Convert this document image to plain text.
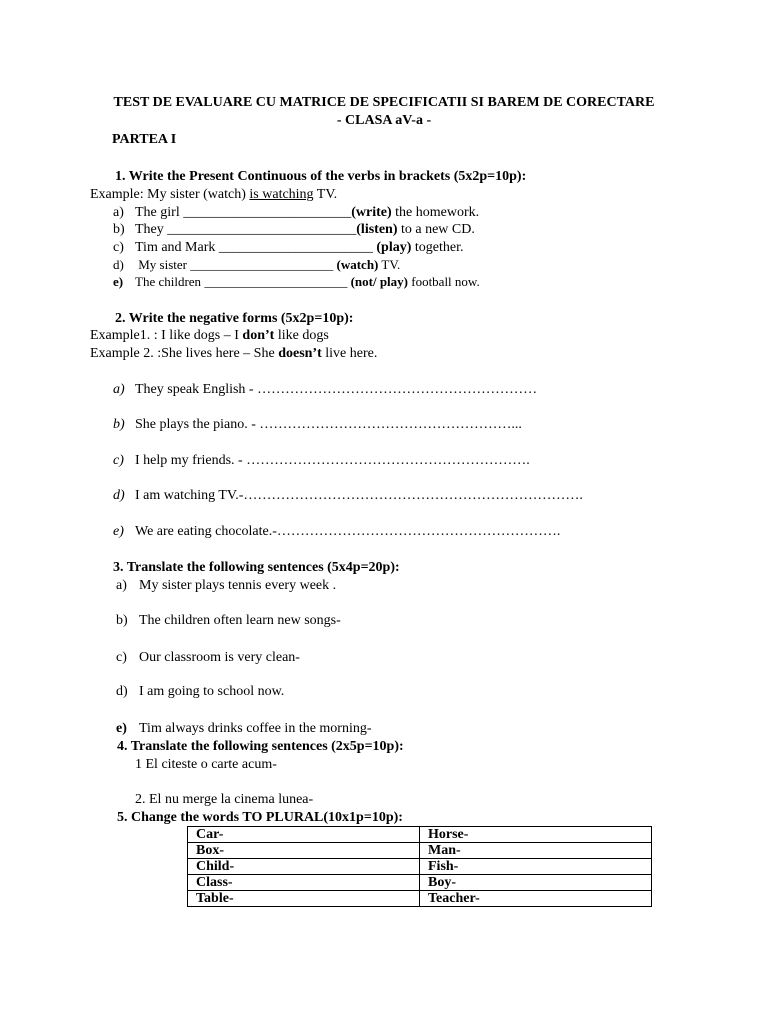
TEST DE EVALUARE CU MATRICE DE SPECIFICATII SI BAREM DE CORECTARE
- CLASA aV-a -
PARTEA I
1. Write the Present Continuous of the verbs in brackets (5x2p=10p):
Example: My sister (watch) is watching TV.
a) The girl ________________________(write) the homework.
b) They ___________________________(listen) to a new CD.
c) Tim and Mark ______________________ (play) together.
d) My sister ______________________ (watch) TV.
e) The children ______________________ (not/ play) football now.
2. Write the negative forms (5x2p=10p):
Example1. : I like dogs – I don’t like dogs
Example 2. :She lives here – She doesn’t live here.
a) They speak English - ……………………………………………………
b) She plays the piano. - ………………………………………………...
c) I help my friends. - …………………………………………………….
d) I am watching TV.-……………………………………………………………….
e) We are eating chocolate.-…………………………………………………….
3. Translate the following sentences (5x4p=20p):
a) My sister plays tennis every week .
b) The children often learn new songs-
c) Our classroom is very clean-
d) I am going to school now.
e) Tim always drinks coffee in the morning-
4. Translate the following sentences (2x5p=10p):
1 El citeste o carte acum-
2. El nu merge la cinema lunea-
5. Change the words TO PLURAL(10x1p=10p):
Car-	Horse-
Box-	Man-
Child-	Fish-
Class-	Boy-
Table-	Teacher-
